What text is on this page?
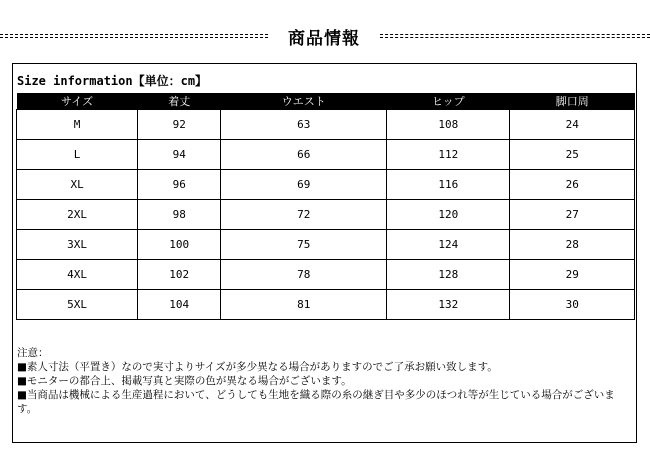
商品情報
Size information【単位：cm】
サイズ	着丈	ウエスト	ヒップ	脚口周
M	92	63	108	24
L	94	66	112	25
XL	96	69	116	26
2XL	98	72	120	27
3XL	100	75	124	28
4XL	102	78	128	29
5XL	104	81	132	30
注意：
■素人寸法（平置き）なので実寸よりサイズが多少異なる場合がありますのでご了承お願い致します。
■モニターの都合上、掲載写真と実際の色が異なる場合がございます。
■当商品は機械による生産過程において、どうしても生地を織る際の糸の継ぎ目や多少のほつれ等が生じている場合がございます。
